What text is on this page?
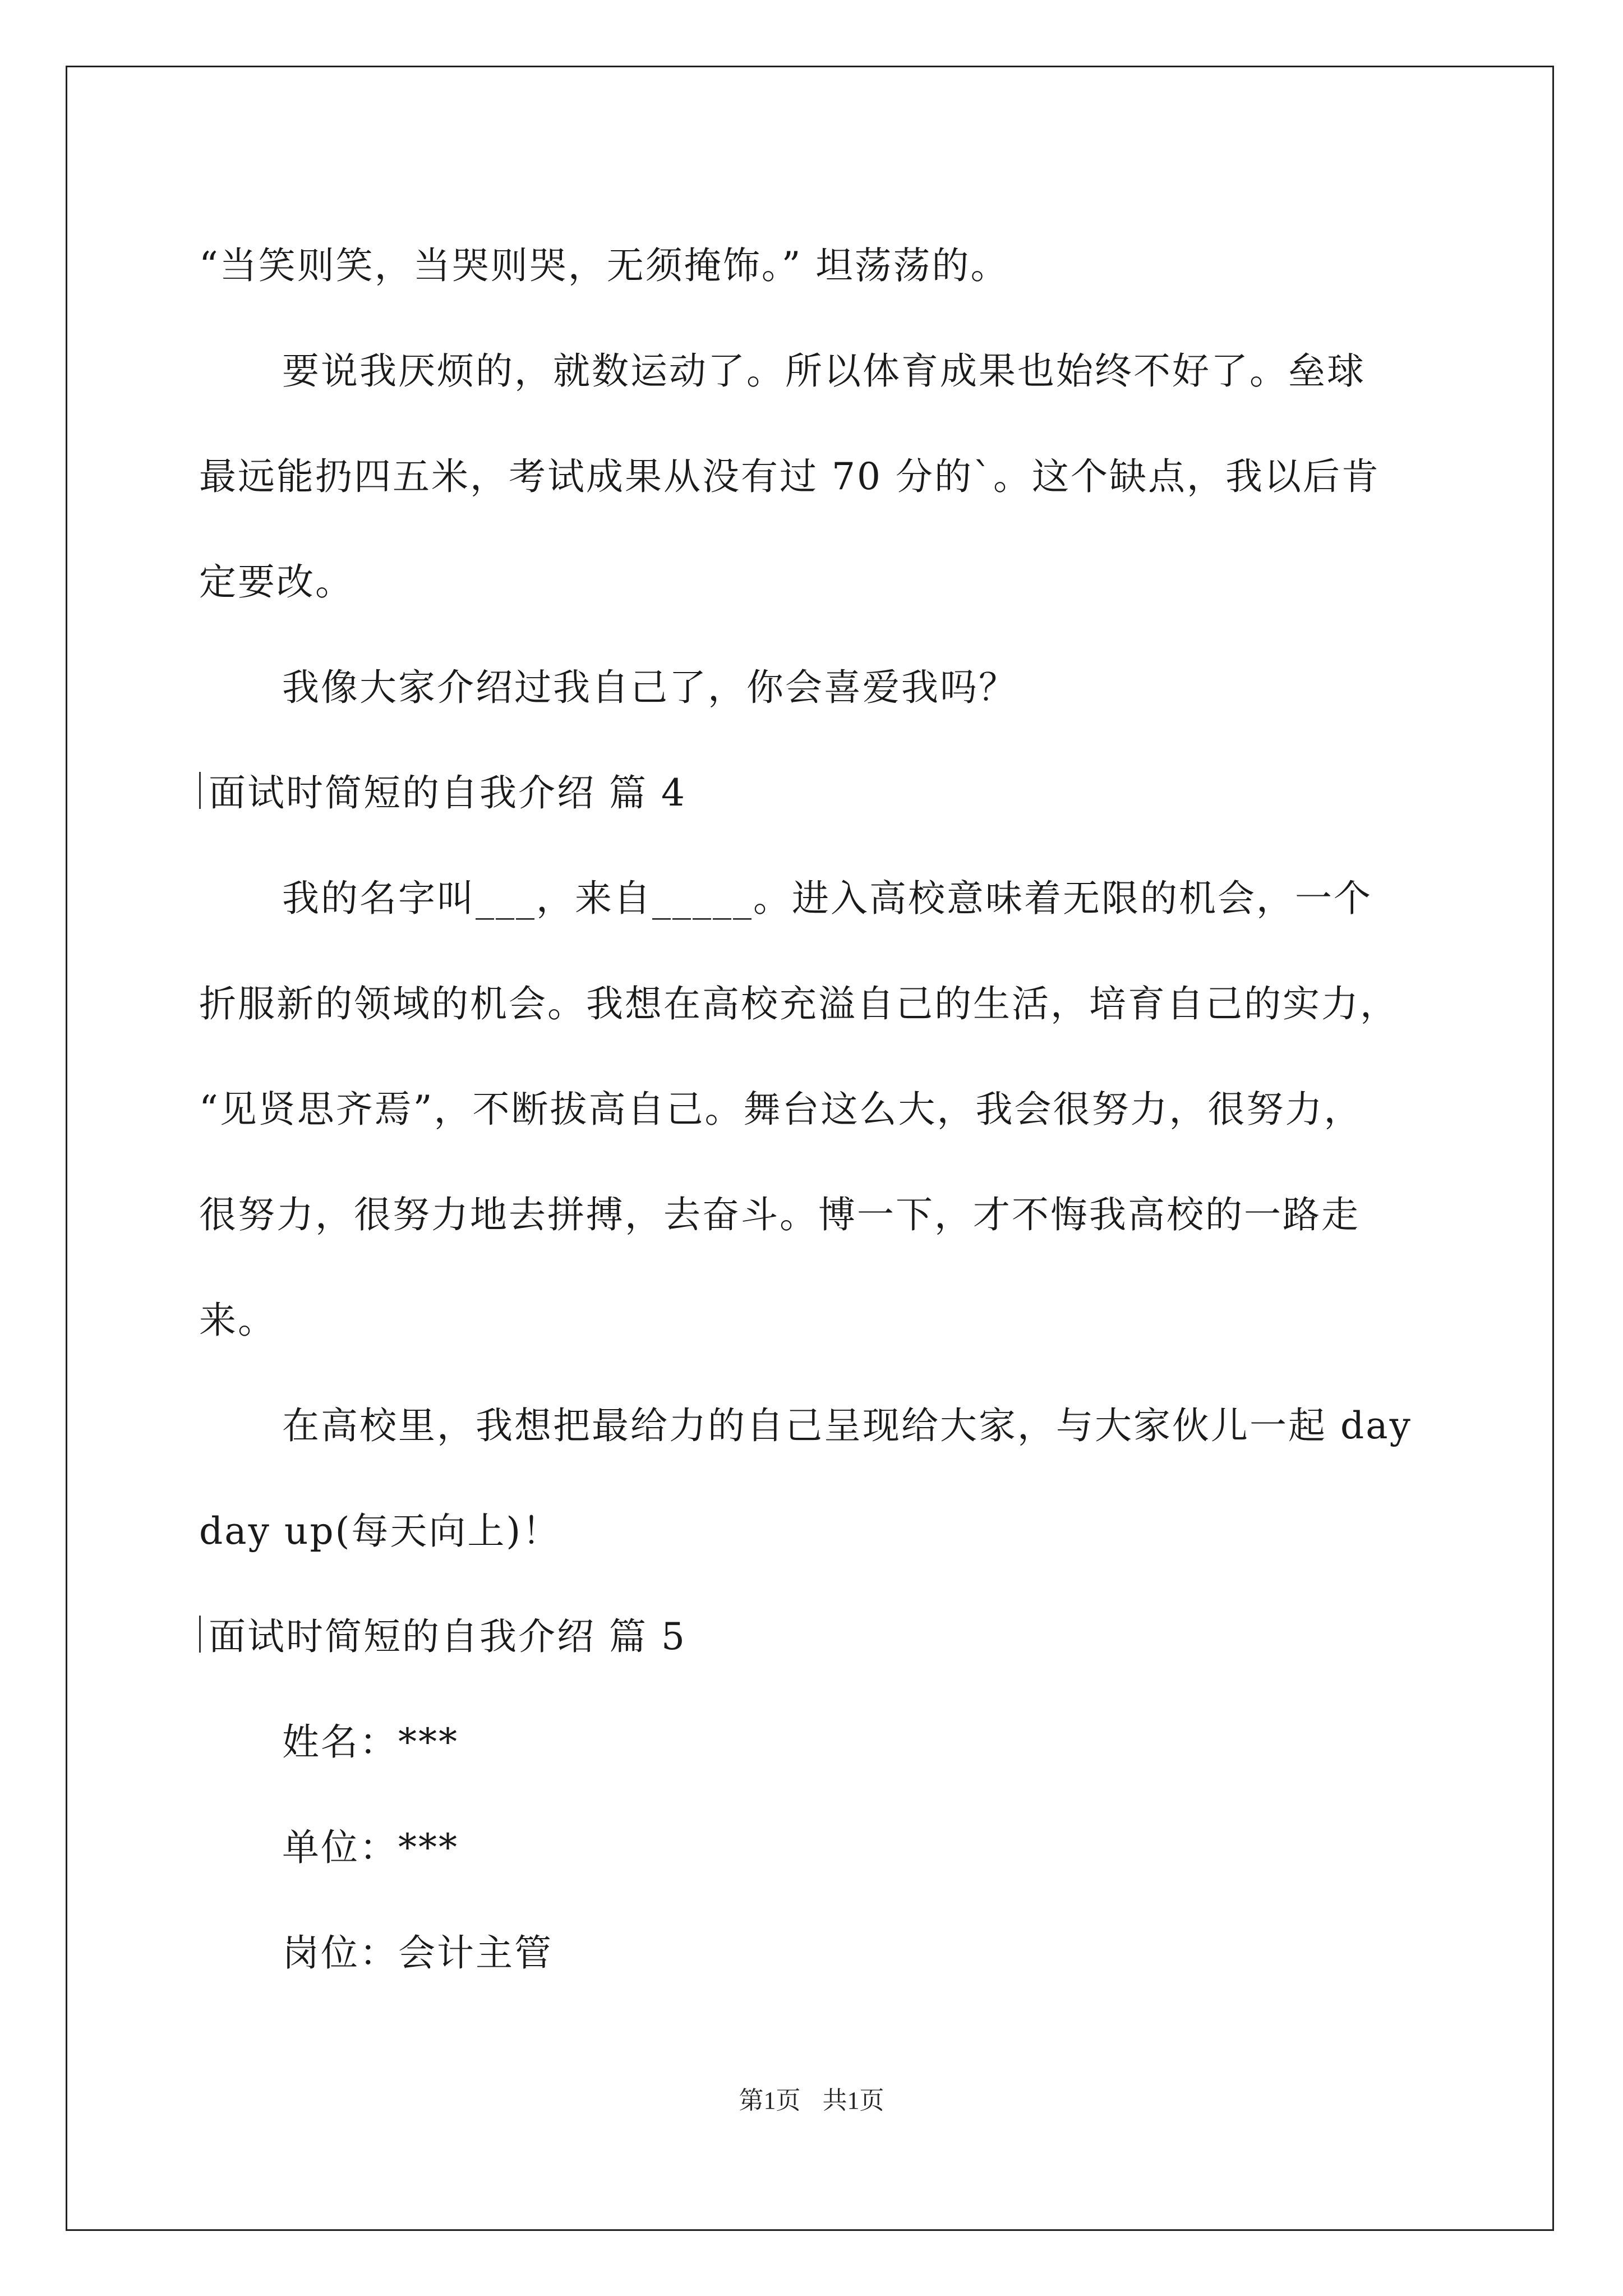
“当笑则笑，当哭则哭，无须掩饰。” 坦荡荡的。
要说我厌烦的，就数运动了。所以体育成果也始终不好了。垒球
最远能扔四五米，考试成果从没有过 70 分的`。这个缺点，我以后肯
定要改。
我像大家介绍过我自己了，你会喜爱我吗？
面试时简短的自我介绍 篇 4
我的名字叫___，来自_____。进入高校意味着无限的机会，一个
折服新的领域的机会。我想在高校充溢自己的生活，培育自己的实力，
“见贤思齐焉”，不断拔高自己。舞台这么大，我会很努力，很努力，
很努力，很努力地去拼搏，去奋斗。博一下，才不悔我高校的一路走
来。
在高校里，我想把最给力的自己呈现给大家，与大家伙儿一起 day
day up(每天向上)！
面试时简短的自我介绍 篇 5
姓名：***
单位：***
岗位：会计主管
第1页 共1页
